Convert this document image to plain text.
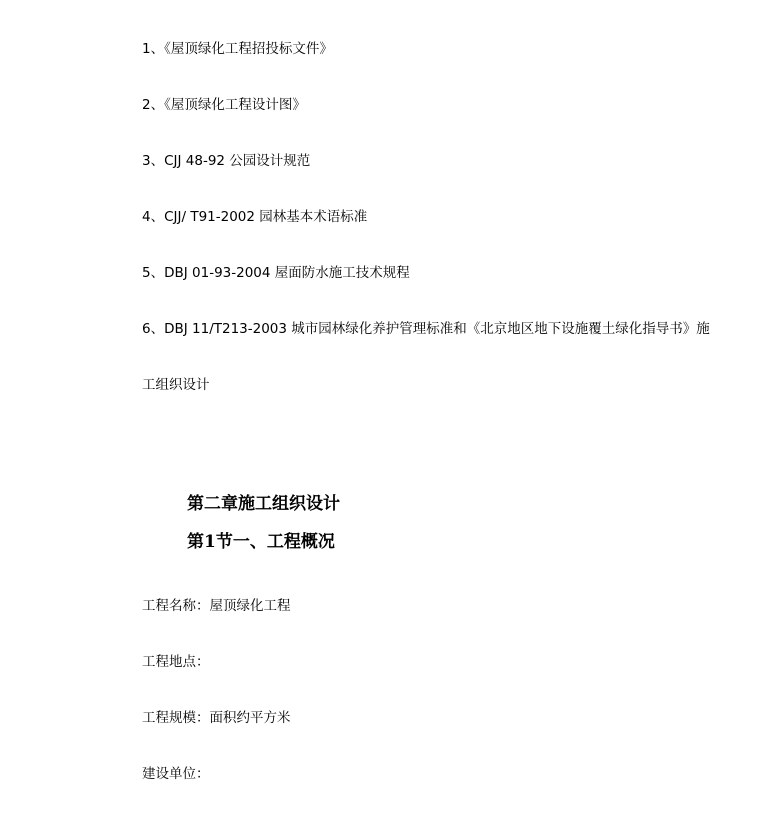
1、《屋顶绿化工程招投标文件》
2、《屋顶绿化工程设计图》
3、CJJ 48-92 公园设计规范
4、CJJ/ T91-2002 园林基本术语标准
5、DBJ 01-93-2004 屋面防水施工技术规程
6、DBJ 11/T213-2003 城市园林绿化养护管理标准和《北京地区地下设施覆土绿化指导书》施
工组织设计
第二章施工组织设计
第1节一、工程概况
工程名称：屋顶绿化工程
工程地点：
工程规模：面积约平方米
建设单位：
